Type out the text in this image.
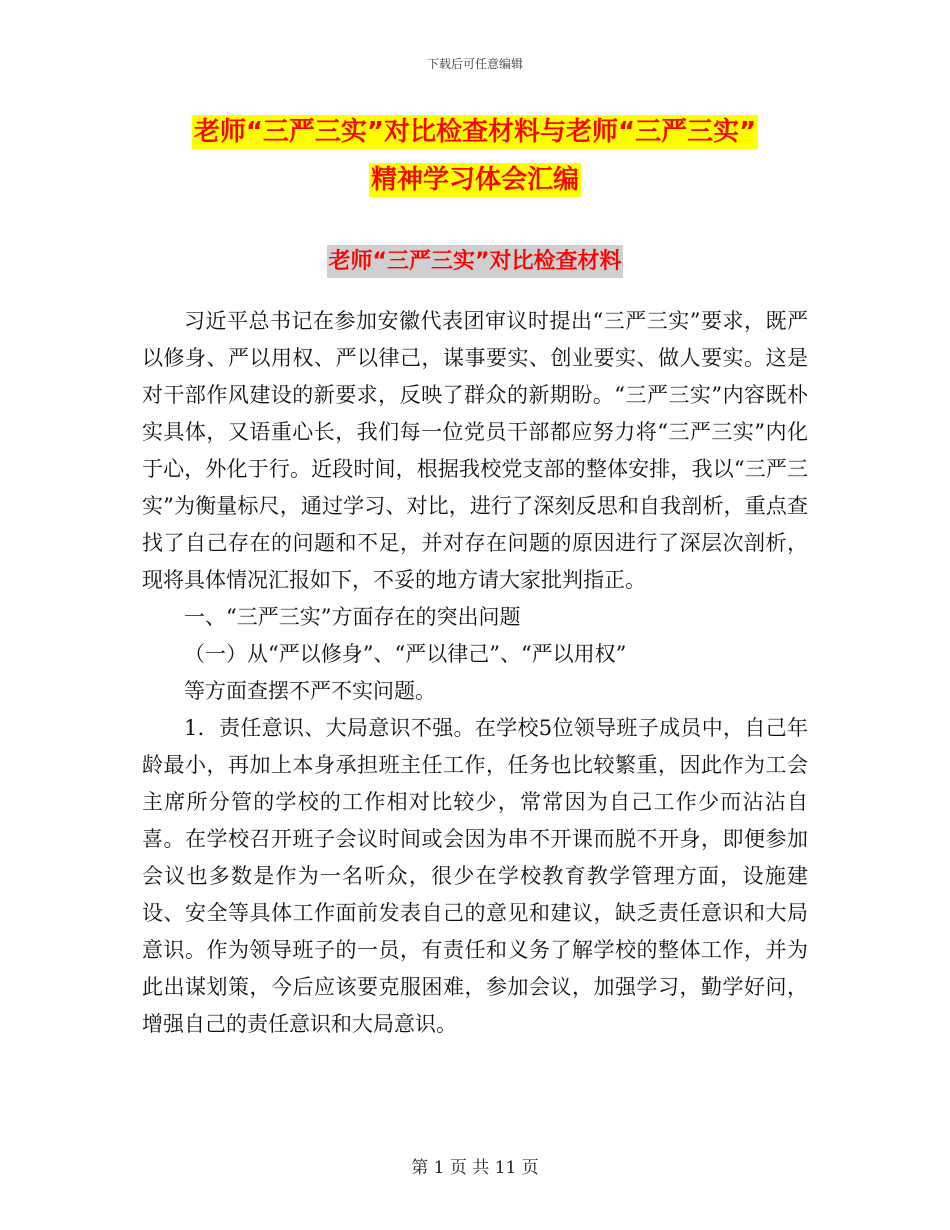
下载后可任意编辑
老师“三严三实”对比检查材料与老师“三严三实”
精神学习体会汇编
老师“三严三实”对比检查材料

习近平总书记在参加安徽代表团审议时提出“三严三实”要求，既严以修身、严以用权、严以律己，谋事要实、创业要实、做人要实。这是对干部作风建设的新要求，反映了群众的新期盼。“三严三实”内容既朴实具体，又语重心长，我们每一位党员干部都应努力将“三严三实”内化于心，外化于行。近段时间，根据我校党支部的整体安排，我以“三严三实”为衡量标尺，通过学习、对比，进行了深刻反思和自我剖析，重点查找了自己存在的问题和不足，并对存在问题的原因进行了深层次剖析，现将具体情况汇报如下，不妥的地方请大家批判指正。

一、“三严三实”方面存在的突出问题

（一）从“严以修身”、“严以律己”、“严以用权”

等方面查摆不严不实问题。

1．责任意识、大局意识不强。在学校5位领导班子成员中，自己年龄最小，再加上本身承担班主任工作，任务也比较繁重，因此作为工会主席所分管的学校的工作相对比较少，常常因为自己工作少而沾沾自喜。在学校召开班子会议时间或会因为串不开课而脱不开身，即便参加会议也多数是作为一名听众，很少在学校教育教学管理方面，设施建设、安全等具体工作面前发表自己的意见和建议，缺乏责任意识和大局意识。作为领导班子的一员，有责任和义务了解学校的整体工作，并为此出谋划策，今后应该要克服困难，参加会议，加强学习，勤学好问，增强自己的责任意识和大局意识。

第 1 页 共 11 页
